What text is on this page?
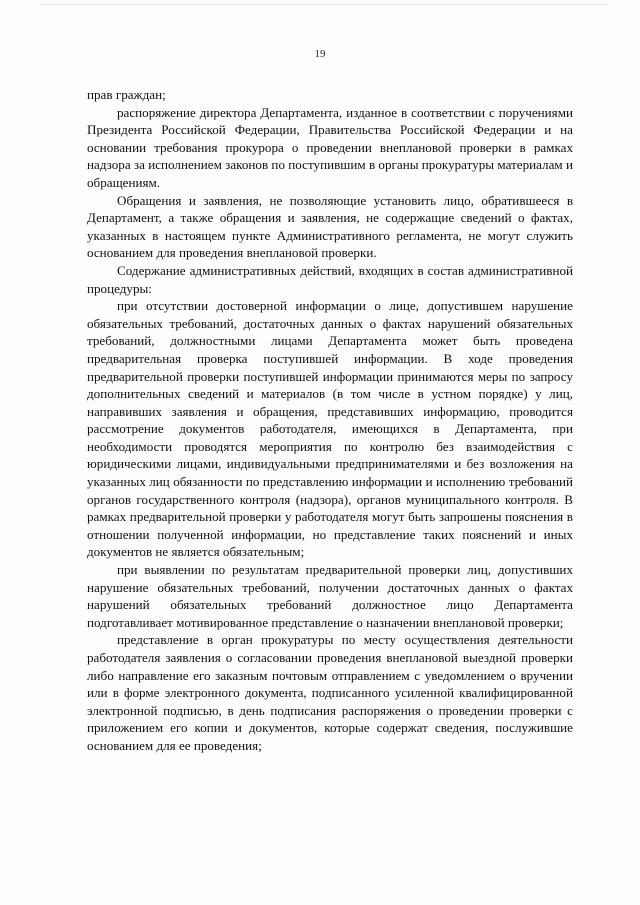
19

прав граждан;

распоряжение директора Департамента, изданное в соответствии с поручениями Президента Российской Федерации, Правительства Российской Федерации и на основании требования прокурора о проведении внеплановой проверки в рамках надзора за исполнением законов по поступившим в органы прокуратуры материалам и обращениям.

Обращения и заявления, не позволяющие установить лицо, обратившееся в Департамент, а также обращения и заявления, не содержащие сведений о фактах, указанных в настоящем пункте Административного регламента, не могут служить основанием для проведения внеплановой проверки.

Содержание административных действий, входящих в состав административной процедуры:

при отсутствии достоверной информации о лице, допустившем нарушение обязательных требований, достаточных данных о фактах нарушений обязательных требований, должностными лицами Департамента может быть проведена предварительная проверка поступившей информации. В ходе проведения предварительной проверки поступившей информации принимаются меры по запросу дополнительных сведений и материалов (в том числе в устном порядке) у лиц, направивших заявления и обращения, представивших информацию, проводится рассмотрение документов работодателя, имеющихся в Департамента, при необходимости проводятся мероприятия по контролю без взаимодействия с юридическими лицами, индивидуальными предпринимателями и без возложения на указанных лиц обязанности по представлению информации и исполнению требований органов государственного контроля (надзора), органов муниципального контроля. В рамках предварительной проверки у работодателя могут быть запрошены пояснения в отношении полученной информации, но представление таких пояснений и иных документов не является обязательным;

при выявлении по результатам предварительной проверки лиц, допустивших нарушение обязательных требований, получении достаточных данных о фактах нарушений обязательных требований должностное лицо Департамента подготавливает мотивированное представление о назначении внеплановой проверки;

представление в орган прокуратуры по месту осуществления деятельности работодателя заявления о согласовании проведения внеплановой выездной проверки либо направление его заказным почтовым отправлением с уведомлением о вручении или в форме электронного документа, подписанного усиленной квалифицированной электронной подписью, в день подписания распоряжения о проведении проверки с приложением его копии и документов, которые содержат сведения, послужившие основанием для ее проведения;
